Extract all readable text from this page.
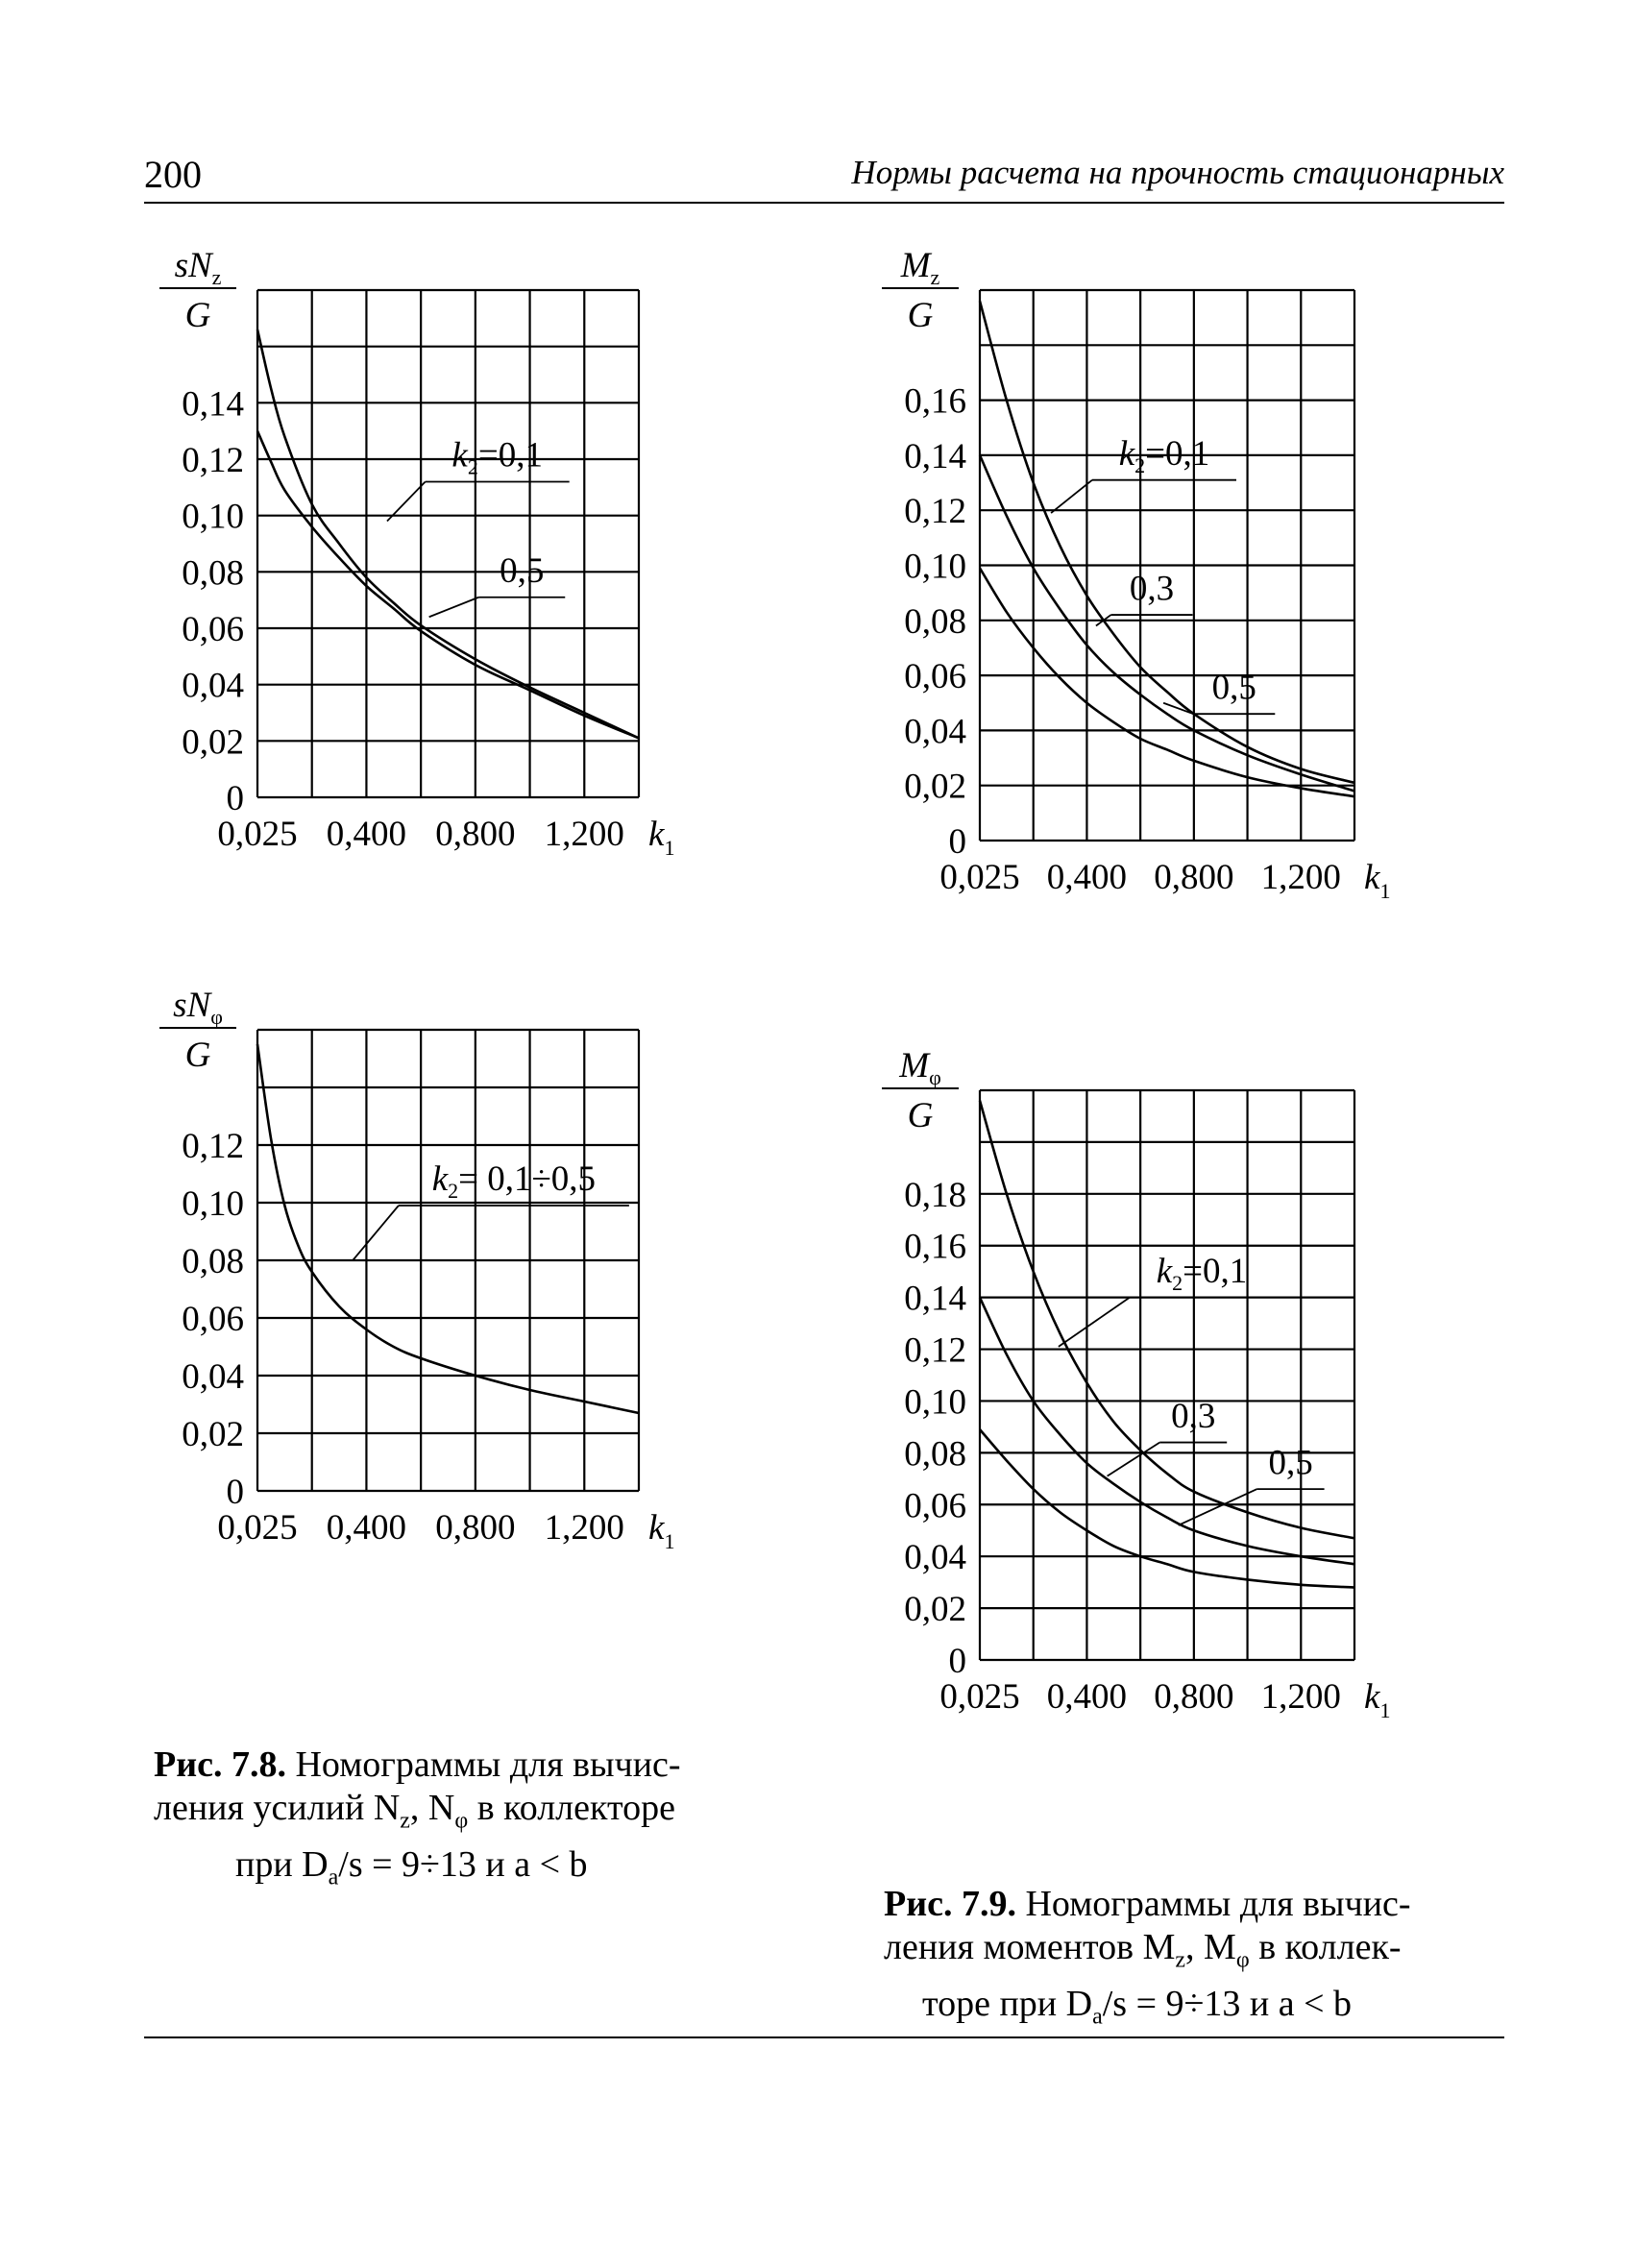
200	Нормы расчета на прочность стационарных
0
0,02
0,04
0,06
0,08
0,10
0,12
0,14
0,025 0,400 0,800 1,200 $k_1$
$sN_z$
G
$k_2=0,1$
0,5
0
0,02
0,04
0,06
0,08
0,10
0,12
0,025 0,400 0,800 1,200 $k_1$
$sN_\varphi$
G
$k_2= 0,1\div 0,5$
0
0,02
0,04
0,06
0,08
0,10
0,12
0,14
0,16
0,025 0,400 0,800 1,200 $k_1$
$M_z$
G
$k_2=0,1$
0,3
0,5
0
0,02
0,04
0,06
0,08
0,10
0,12
0,14
0,16
0,18
0,025 0,400 0,800 1,200 $k_1$
$M_\varphi$
G
$k_2=0,1$
0,3
0,5
Рис. 7.8. Номограммы для вычис-
ления усилий $N_z$, $N_\varphi$ в коллекторе
при $D_a/s = 9\div 13$ и a < b
Рис. 7.9. Номограммы для вычис-
ления моментов $M_z$, $M_\varphi$ в коллек-
торе при $D_a/s = 9\div 13$ и a < b
